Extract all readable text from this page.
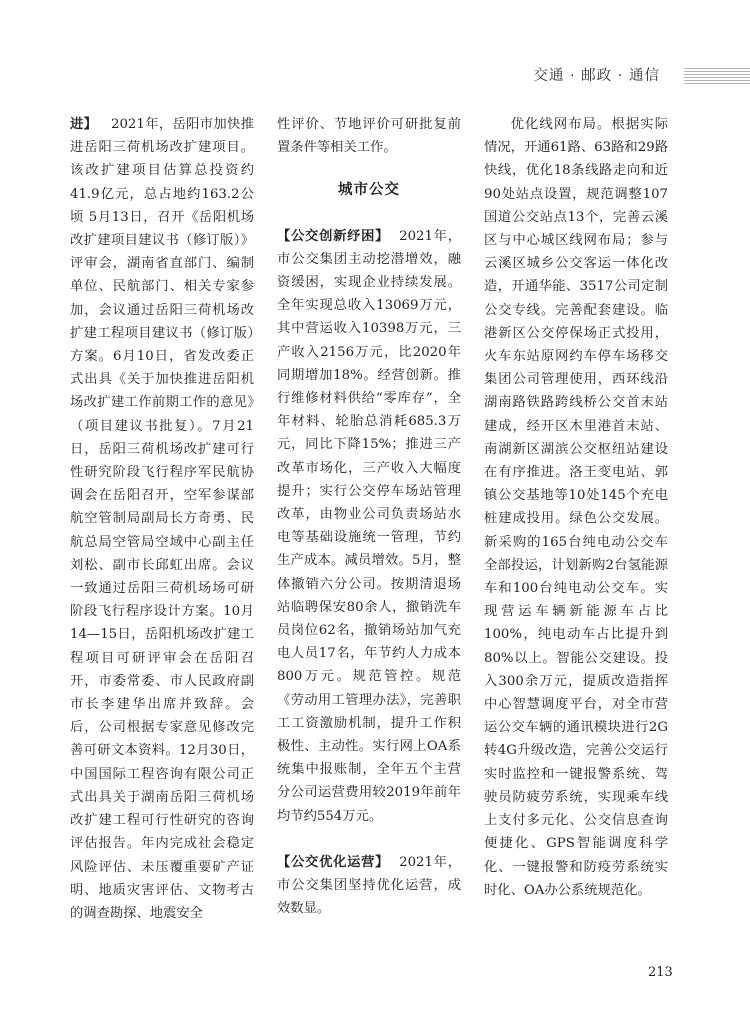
交通 · 邮政 · 通信

进】 2021年，岳阳市加快推进岳阳三荷机场改扩建项目。该改扩建项目估算总投资约41.9亿元，总占地约163.2公顷 5月13日，召开《岳阳机场改扩建项目建议书（修订版）》评审会，湖南省直部门、编制单位、民航部门、相关专家参加，会议通过岳阳三荷机场改扩建工程项目建议书（修订版）方案。6月10日，省发改委正式出具《关于加快推进岳阳机场改扩建工作前期工作的意见》（项目建议书批复）。7月21日，岳阳三荷机场改扩建可行性研究阶段飞行程序军民航协调会在岳阳召开，空军参谋部航空管制局副局长方奇勇、民航总局空管局空域中心副主任刘松、副市长邱虹出席。会议一致通过岳阳三荷机场场可研阶段飞行程序设计方案。10月14—15日，岳阳机场改扩建工程项目可研评审会在岳阳召开，市委常委、市人民政府副市长李建华出席并致辞。会后，公司根据专家意见修改完善可研文本资料。12月30日，中国国际工程咨询有限公司正式出具关于湖南岳阳三荷机场改扩建工程可行性研究的咨询评估报告。年内完成社会稳定风险评估、未压覆重要矿产证明、地质灾害评估、文物考古的调查勘探、地震安全

性评价、节地评价可研批复前置条件等相关工作。

城市公交

【公交创新纾困】 2021年，市公交集团主动挖潜增效，融资缓困，实现企业持续发展。全年实现总收入13069万元，其中营运收入10398万元，三产收入2156万元，比2020年同期增加18%。经营创新。推行维修材料供给“零库存”，全年材料、轮胎总消耗685.3万元，同比下降15%；推进三产改革市场化，三产收入大幅度提升；实行公交停车场站管理改革，由物业公司负责场站水电等基础设施统一管理，节约生产成本。减员增效。5月，整体撤销六分公司。按期清退场站临聘保安80余人，撤销洗车员岗位62名，撤销场站加气充电人员17名，年节约人力成本800万元。规范管控。规范《劳动用工管理办法》，完善职工工资激励机制，提升工作积极性、主动性。实行网上OA系统集中报账制，全年五个主营分公司运营费用较2019年前年均节约554万元。

【公交优化运营】 2021年，市公交集团坚持优化运营，成效数显。

优化线网布局。根据实际情况，开通61路、63路和29路快线，优化18条线路走向和近90处站点设置，规范调整107国道公交站点13个，完善云溪区与中心城区线网布局；参与云溪区城乡公交客运一体化改造，开通华能、3517公司定制公交专线。完善配套建设。临港新区公交停保场正式投用，火车东站原网约车停车场移交集团公司管理使用，西环线沿湖南路铁路跨线桥公交首末站建成，经开区木里港首末站、南湖新区湖滨公交枢纽站建设在有序推进。洛王变电站、郭镇公交基地等10处145个充电桩建成投用。绿色公交发展。新采购的165台纯电动公交车全部投运，计划新购2台氢能源车和100台纯电动公交车。实现营运车辆新能源车占比100%，纯电动车占比提升到80%以上。智能公交建设。投入300余万元，提质改造指挥中心智慧调度平台，对全市营运公交车辆的通讯模块进行2G转4G升级改造，完善公交运行实时监控和一键报警系统、驾驶员防疲劳系统，实现乘车线上支付多元化、公交信息查询便捷化、GPS智能调度科学化、一键报警和防疫劳系统实时化、OA办公系统规范化。

213
